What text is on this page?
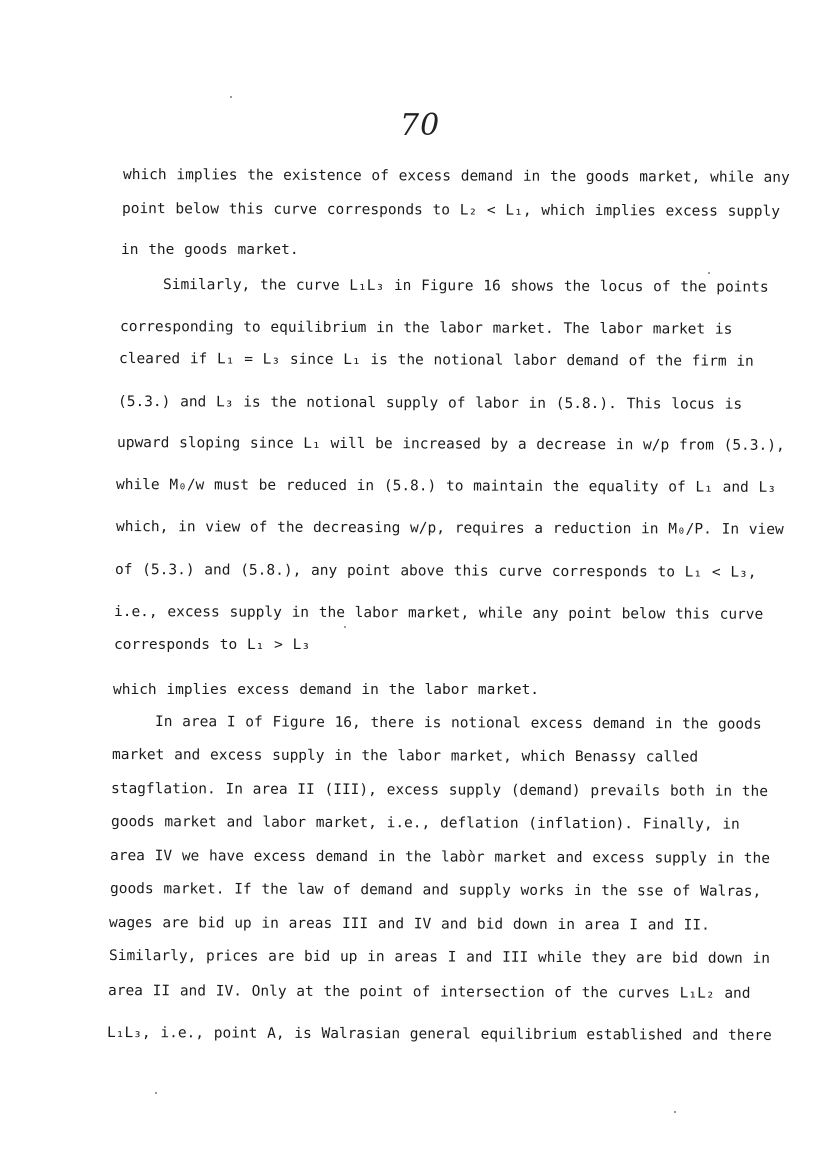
70
which implies the existence of excess demand in the goods market, while any
point below this curve corresponds to L₂ < L₁, which implies excess supply
in the goods market.
Similarly, the curve L₁L₃ in Figure 16 shows the locus of the points
corresponding to equilibrium in the labor market. The labor market is
cleared if L₁ = L₃ since L₁ is the notional labor demand of the firm in
(5.3.) and L₃ is the notional supply of labor in (5.8.). This locus is
upward sloping since L₁ will be increased by a decrease in w/p from (5.3.),
while M₀/w must be reduced in (5.8.) to maintain the equality of L₁ and L₃
which, in view of the decreasing w/p, requires a reduction in M₀/P. In view
of (5.3.) and (5.8.), any point above this curve corresponds to L₁ < L₃,
i.e., excess supply in the labor market, while any point below this curve
corresponds to L₁ > L₃
which implies excess demand in the labor market.
In area I of Figure 16, there is notional excess demand in the goods
market and excess supply in the labor market, which Benassy called
stagflation. In area II (III), excess supply (demand) prevails both in the
goods market and labor market, i.e., deflation (inflation). Finally, in
area IV we have excess demand in the labòr market and excess supply in the
goods market. If the law of demand and supply works in the sse of Walras,
wages are bid up in areas III and IV and bid down in area I and II.
Similarly, prices are bid up in areas I and III while they are bid down in
area II and IV. Only at the point of intersection of the curves L₁L₂ and
L₁L₃, i.e., point A, is Walrasian general equilibrium established and there
